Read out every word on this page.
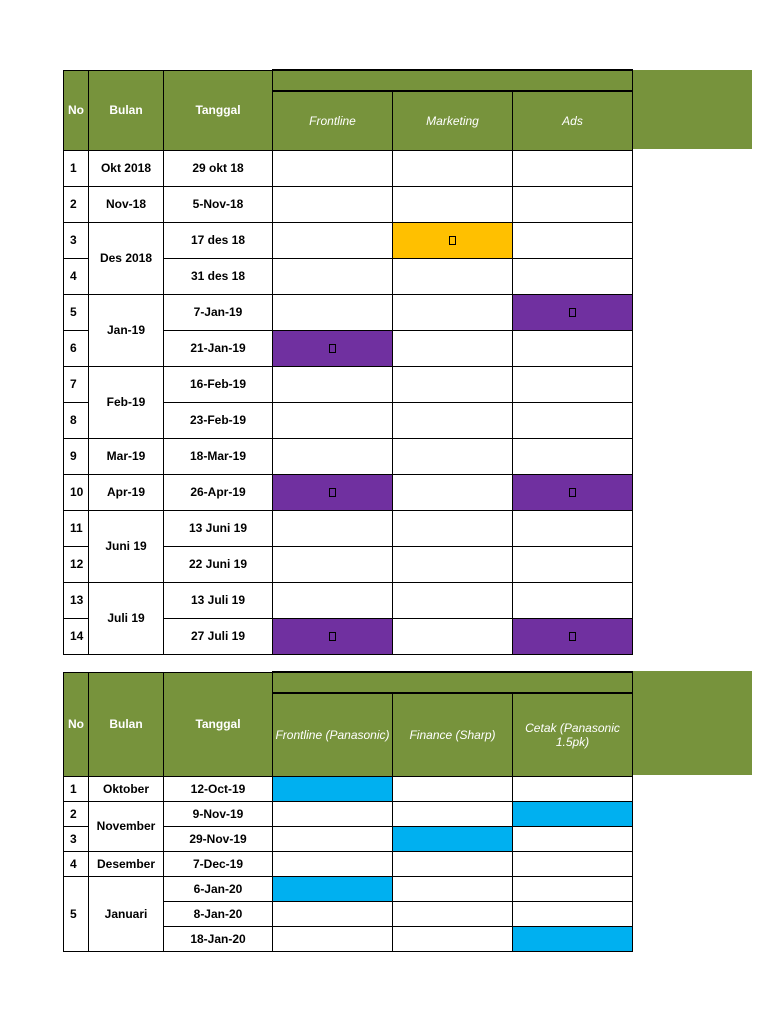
No	Bulan	Tanggal			
			Frontline	Marketing	Ads
1	Okt 2018	29 okt 18			
2	Nov-18	5-Nov-18			
3	Des 2018	17 des 18			
4		31 des 18			
5	Jan-19	7-Jan-19			
6		21-Jan-19			
7	Feb-19	16-Feb-19			
8		23-Feb-19			
9	Mar-19	18-Mar-19			
10	Apr-19	26-Apr-19			
11	Juni 19	13 Juni 19			
12		22 Juni 19			
13	Juli 19	13 Juli 19			
14		27 Juli 19			
No	Bulan	Tanggal			
			Frontline (Panasonic)	Finance (Sharp)	Cetak (Panasonic 1.5pk)
1	Oktober	12-Oct-19			
2	November	9-Nov-19			
3		29-Nov-19			
4	Desember	7-Dec-19			
5	Januari	6-Jan-20			
		8-Jan-20			
		18-Jan-20			
